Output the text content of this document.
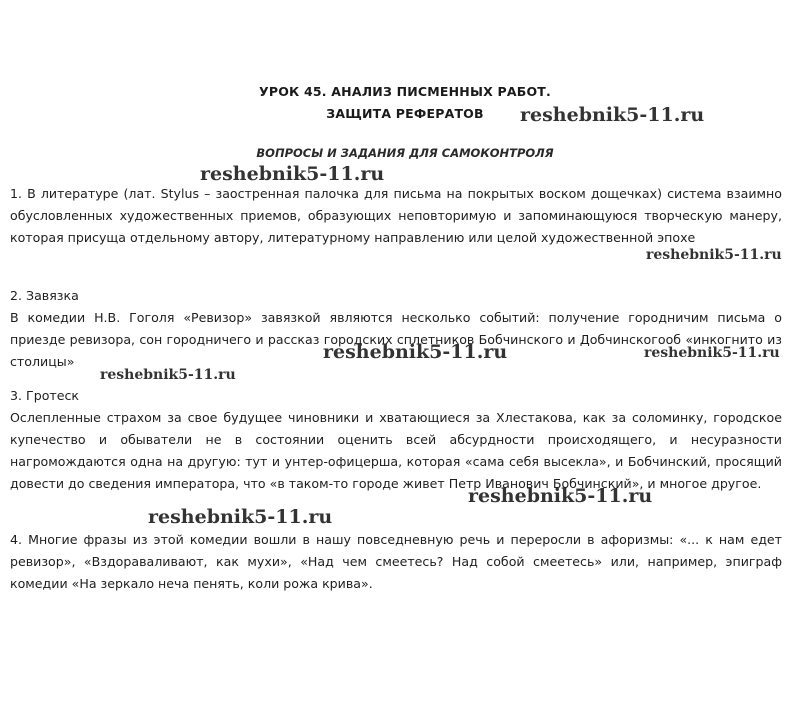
УРОК 45. АНАЛИЗ ПИСМЕННЫХ РАБОТ.
ЗАЩИТА РЕФЕРАТОВ
ВОПРОСЫ И ЗАДАНИЯ ДЛЯ САМОКОНТРОЛЯ
1. В литературе (лат. Stylus – заостренная палочка для письма на покрытых воском дощечках) система взаимно обусловленных художественных приемов, образующих неповторимую и запоминающуюся творческую манеру, которая присуща отдельному автору, литературному направлению или целой художественной эпохе
2. Завязка
В комедии Н.В. Гоголя «Ревизор» завязкой являются несколько событий: получение городничим письма о приезде ревизора, сон городничего и рассказ городских сплетников Бобчинского и Добчинскогооб «инкогнито из столицы»
3. Гротеск
Ослепленные страхом за свое будущее чиновники и хватающиеся за Хлестакова, как за соломинку, городское купечество и обыватели не в состоянии оценить всей абсурдности происходящего, и несуразности нагромождаются одна на другую: тут и унтер-офицерша, которая «сама себя высекла», и Бобчинский, просящий довести до сведения императора, что «в таком-то городе живет Петр Иванович Бобчинский», и многое другое.
4. Многие фразы из этой комедии вошли в нашу повседневную речь и переросли в афоризмы: «... к нам едет ревизор», «Вздораваливают, как мухи», «Над чем смеетесь? Над собой смеетесь» или, например, эпиграф комедии «На зеркало неча пенять, коли рожа крива».
reshebnik5-11.ru
reshebnik5-11.ru
reshebnik5-11.ru
reshebnik5-11.ru	reshebnik5-11.ru
reshebnik5-11.ru
reshebnik5-11.ru
reshebnik5-11.ru
